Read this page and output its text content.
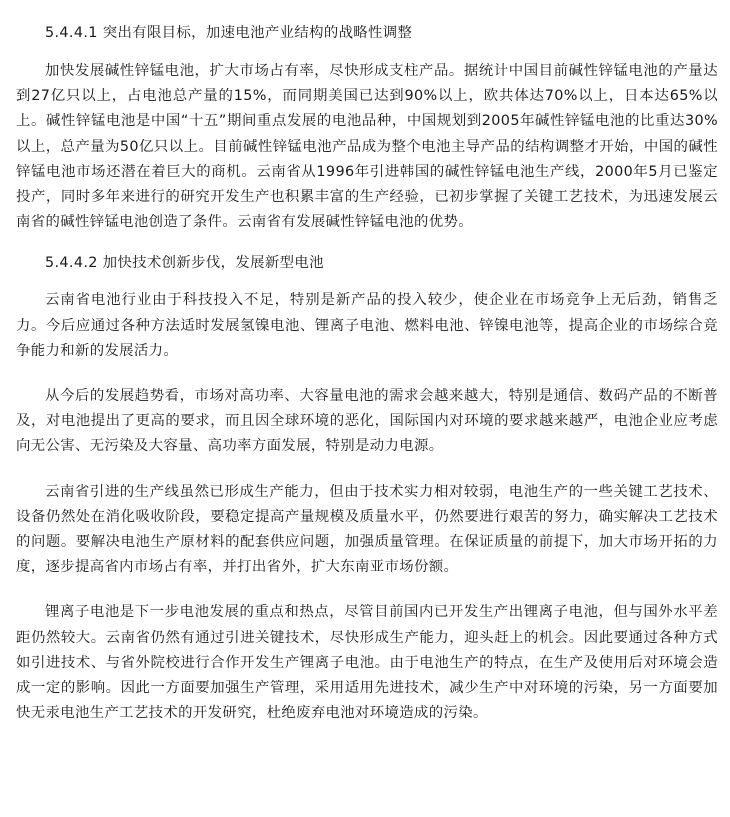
5.4.4.1 突出有限目标，加速电池产业结构的战略性调整

加快发展碱性锌锰电池，扩大市场占有率，尽快形成支柱产品。据统计中国目前碱性锌锰电池的产量达到27亿只以上，占电池总产量的15%，而同期美国已达到90%以上，欧共体达70%以上，日本达65%以上。碱性锌锰电池是中国“十五”期间重点发展的电池品种，中国规划到2005年碱性锌锰电池的比重达30%以上，总产量为50亿只以上。目前碱性锌锰电池产品成为整个电池主导产品的结构调整才开始，中国的碱性锌锰电池市场还潜在着巨大的商机。云南省从1996年引进韩国的碱性锌锰电池生产线，2000年5月已鉴定投产，同时多年来进行的研究开发生产也积累丰富的生产经验，已初步掌握了关键工艺技术，为迅速发展云南省的碱性锌锰电池创造了条件。云南省有发展碱性锌锰电池的优势。

5.4.4.2 加快技术创新步伐，发展新型电池

云南省电池行业由于科技投入不足，特别是新产品的投入较少，使企业在市场竞争上无后劲，销售乏力。今后应通过各种方法适时发展氢镍电池、锂离子电池、燃料电池、锌镍电池等，提高企业的市场综合竞争能力和新的发展活力。

从今后的发展趋势看，市场对高功率、大容量电池的需求会越来越大，特别是通信、数码产品的不断普及，对电池提出了更高的要求，而且因全球环境的恶化，国际国内对环境的要求越来越严，电池企业应考虑向无公害、无污染及大容量、高功率方面发展，特别是动力电源。

云南省引进的生产线虽然已形成生产能力，但由于技术实力相对较弱，电池生产的一些关键工艺技术、设备仍然处在消化吸收阶段，要稳定提高产量规模及质量水平，仍然要进行艰苦的努力，确实解决工艺技术的问题。要解决电池生产原材料的配套供应问题，加强质量管理。在保证质量的前提下，加大市场开拓的力度，逐步提高省内市场占有率，并打出省外，扩大东南亚市场份额。

锂离子电池是下一步电池发展的重点和热点，尽管目前国内已开发生产出锂离子电池，但与国外水平差距仍然较大。云南省仍然有通过引进关键技术，尽快形成生产能力，迎头赶上的机会。因此要通过各种方式如引进技术、与省外院校进行合作开发生产锂离子电池。由于电池生产的特点，在生产及使用后对环境会造成一定的影响。因此一方面要加强生产管理，采用适用先进技术，减少生产中对环境的污染，另一方面要加快无汞电池生产工艺技术的开发研究，杜绝废弃电池对环境造成的污染。
